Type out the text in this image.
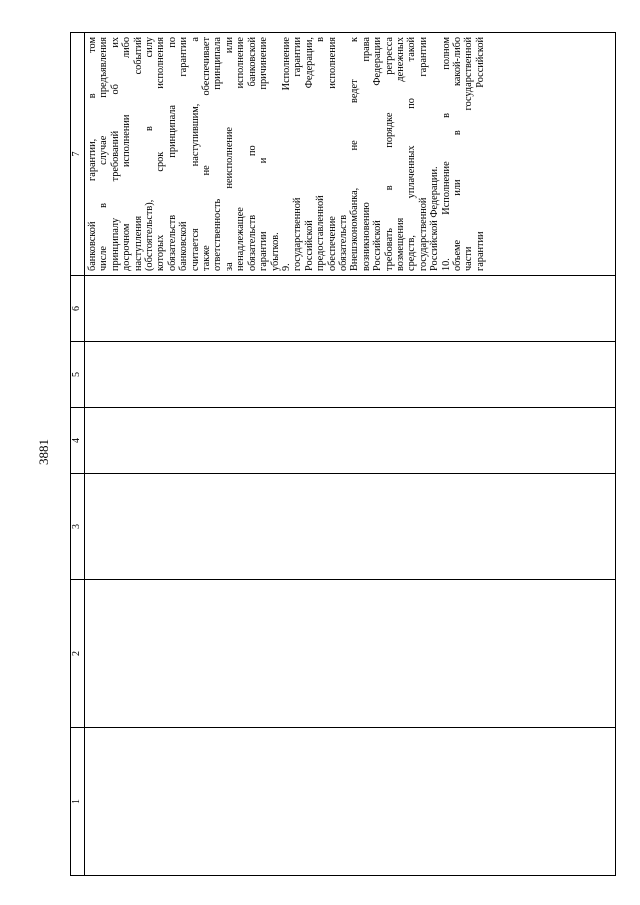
3881
1
2
3
4
5
6
7 банковской гарантии, в том числе в случае предъявления принципалу требований об их досрочном исполнении либо наступления событий (обстоятельств), в силу которых срок исполнения обязательств принципала по банковской гарантии считается наступившим, а также не обеспечивает ответственность принципала за неисполнение или ненадлежащее исполнение обязательств по банковской гарантии и причинение убытков. 9. Исполнение государственной гарантии Российской Федерации, предоставленной в обеспечение исполнения обязательств Внешэкономбанка, не ведет к возникновению права Российской Федерации требовать в порядке регресса возмещения денежных средств, уплаченных по такой государственной гарантии Российской Федерации. 10. Исполнение в полном объеме или в какой-либо части государственной гарантии Российской
